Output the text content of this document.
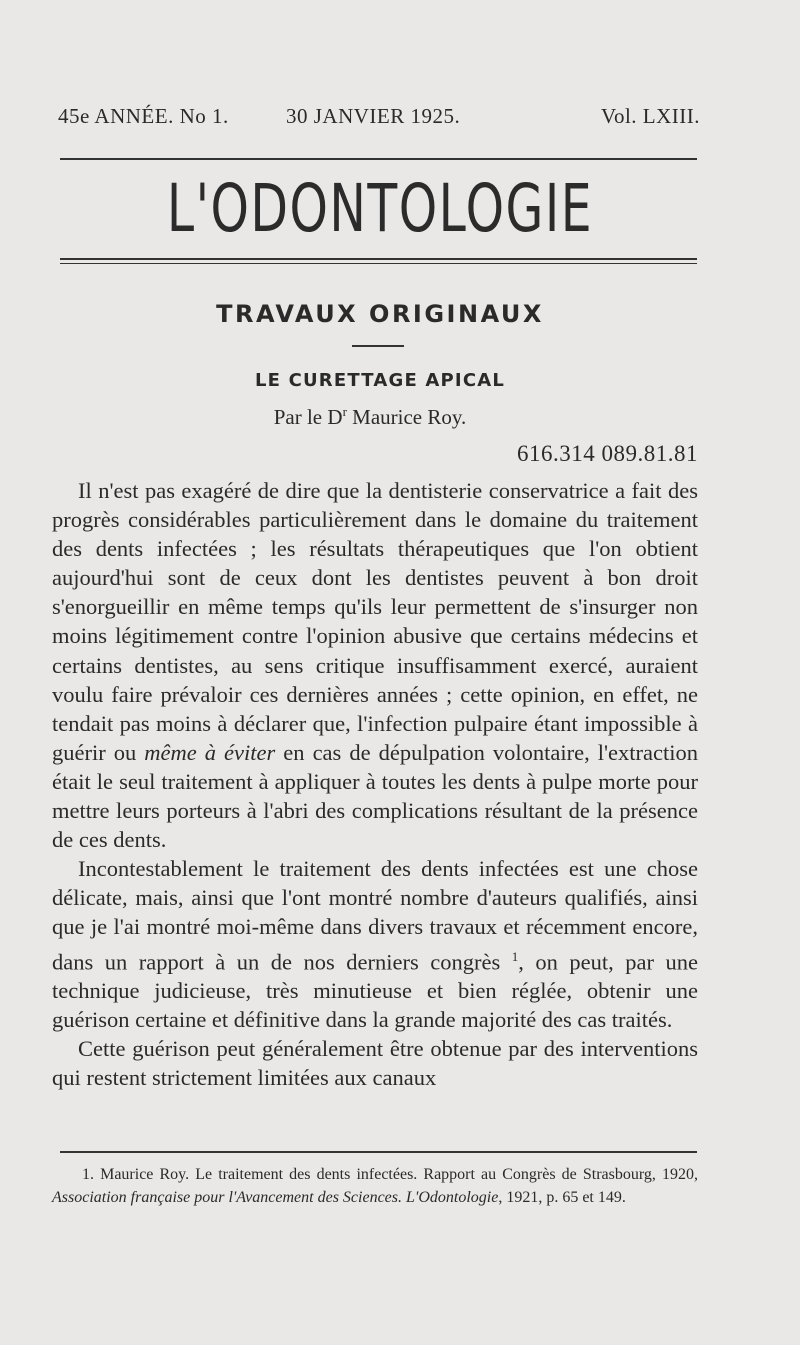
45e ANNÉE. No 1.	30 JANVIER 1925.	Vol. LXIII.
L'ODONTOLOGIE
TRAVAUX ORIGINAUX
LE CURETTAGE APICAL
Par le $D^r$ Maurice Roy.
616.314 089.81.81

Il n'est pas exagéré de dire que la dentisterie conservatrice a fait des progrès considérables particulièrement dans le domaine du traitement des dents infectées ; les résultats thérapeutiques que l'on obtient aujourd'hui sont de ceux dont les dentistes peuvent à bon droit s'enorgueillir en même temps qu'ils leur permettent de s'insurger non moins légitimement contre l'opinion abusive que certains médecins et certains dentistes, au sens critique insuffisamment exercé, auraient voulu faire prévaloir ces dernières années ; cette opinion, en effet, ne tendait pas moins à déclarer que, l'infection pulpaire étant impossible à guérir ou même à éviter en cas de dépulpation volontaire, l'extraction était le seul traitement à appliquer à toutes les dents à pulpe morte pour mettre leurs porteurs à l'abri des complications résultant de la présence de ces dents.

Incontestablement le traitement des dents infectées est une chose délicate, mais, ainsi que l'ont montré nombre d'auteurs qualifiés, ainsi que je l'ai montré moi-même dans divers travaux et récemment encore, dans un rapport à un de nos derniers congrès $^1$, on peut, par une technique judicieuse, très minutieuse et bien réglée, obtenir une guérison certaine et définitive dans la grande majorité des cas traités.

Cette guérison peut généralement être obtenue par des interventions qui restent strictement limitées aux canaux

1. Maurice Roy. Le traitement des dents infectées. Rapport au Congrès de Strasbourg, 1920, Association française pour l'Avancement des Sciences. L'Odontologie, 1921, p. 65 et 149.
